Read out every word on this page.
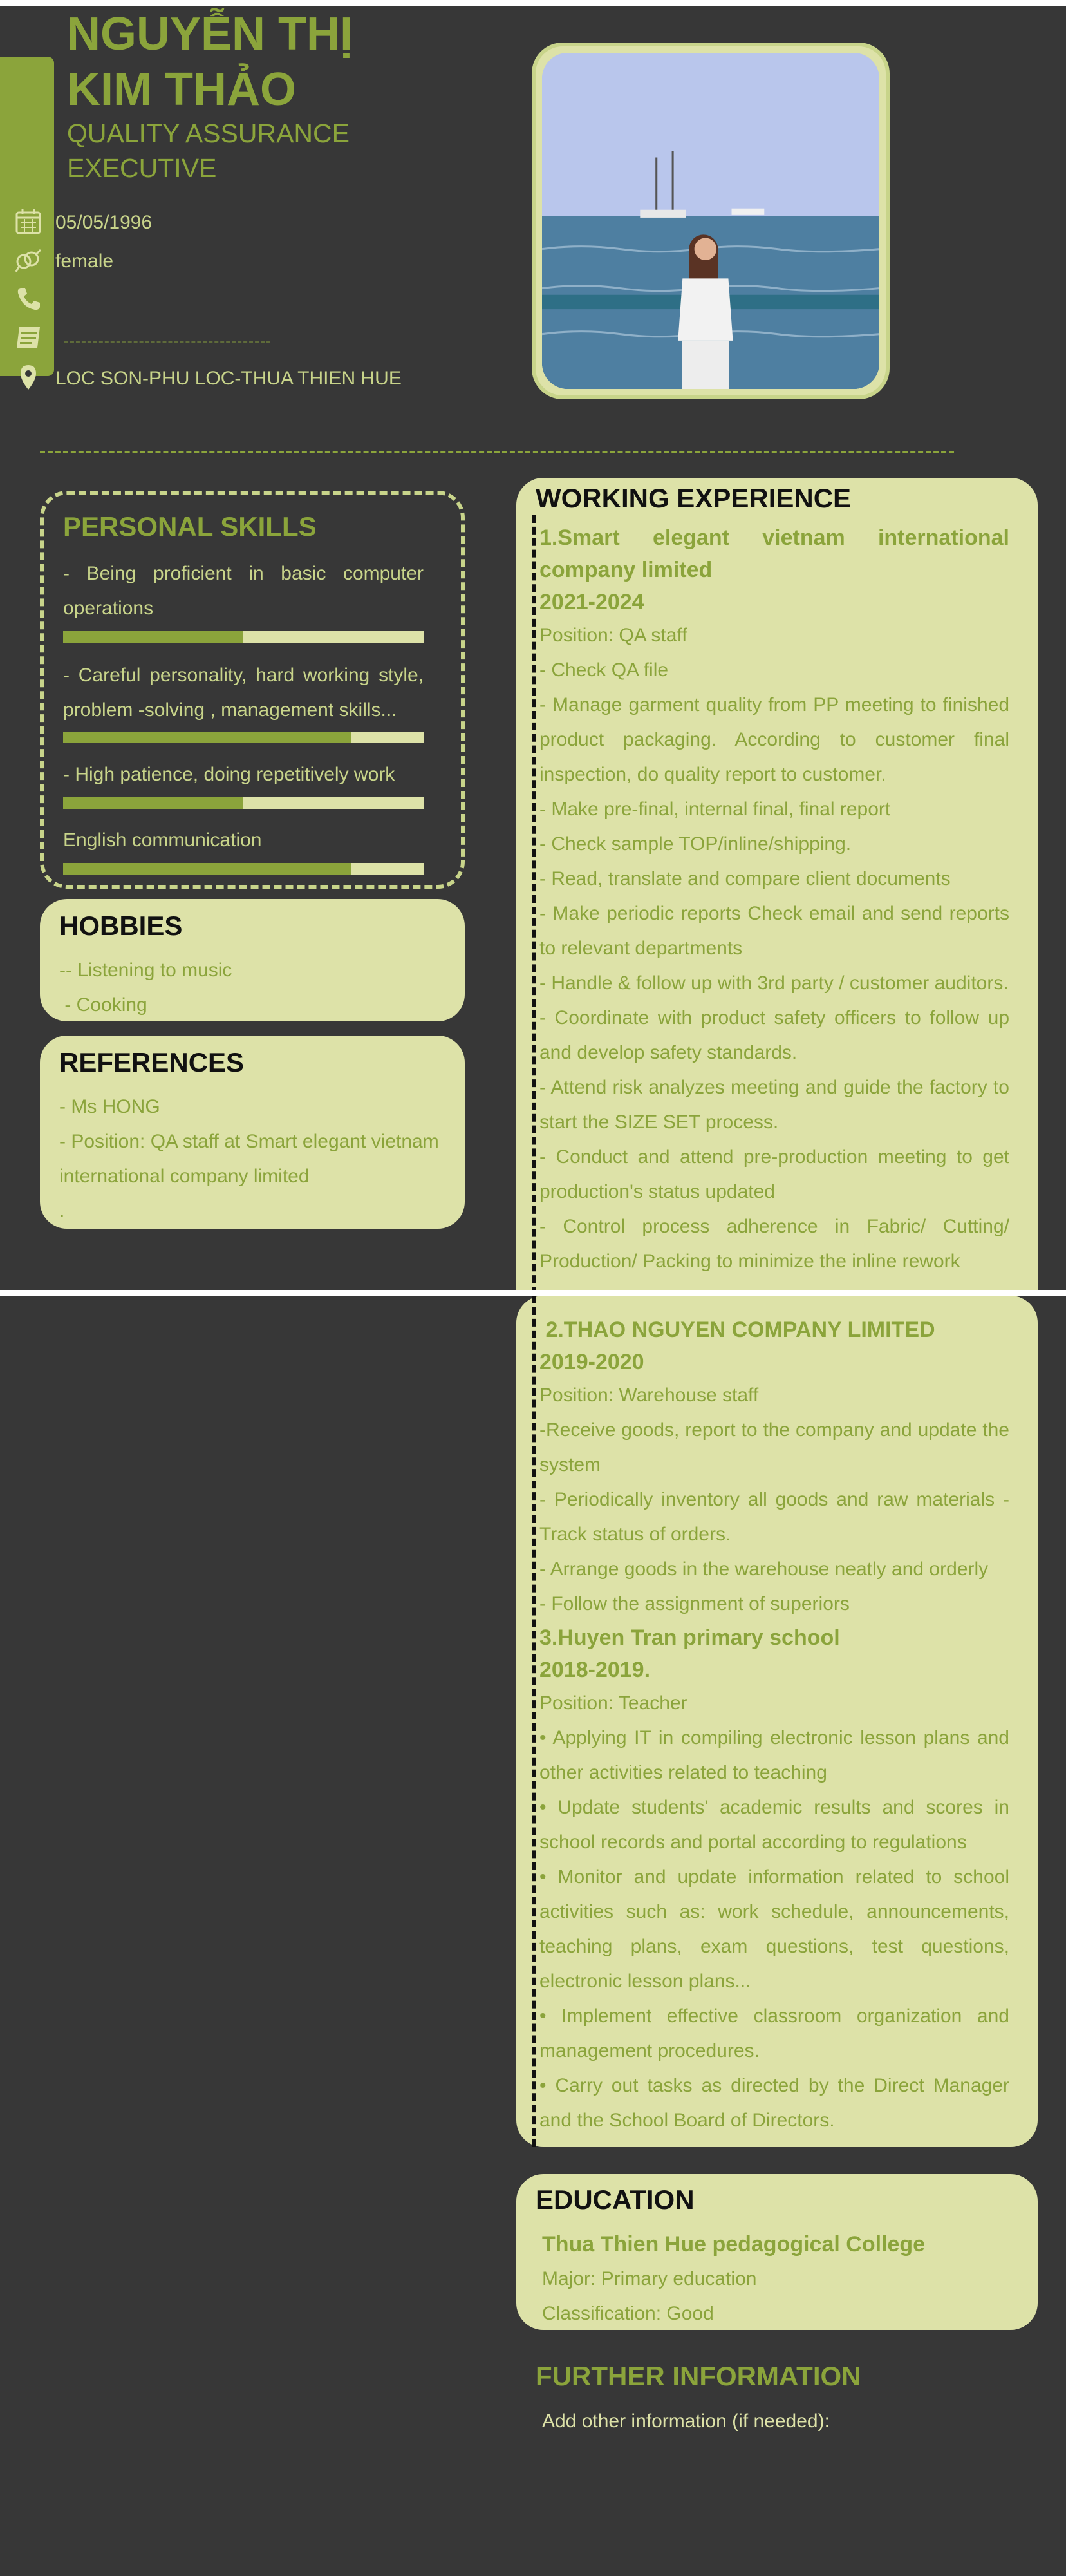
NGUYỄN THỊ
KIM THẢO
QUALITY ASSURANCE
EXECUTIVE
05/05/1996
female
LOC SON-PHU LOC-THUA THIEN HUE
PERSONAL SKILLS
- Being proficient in basic computer operations
- Careful personality, hard working style, problem -solving , management skills...
- High patience, doing repetitively work
English communication
HOBBIES
-- Listening to music
- Cooking
REFERENCES
- Ms HONG
- Position: QA staff at Smart elegant vietnam international company limited
.
WORKING EXPERIENCE
1.Smart elegant vietnam international company limited
2021-2024
Position: QA staff
- Check QA file
- Manage garment quality from PP meeting to finished product packaging. According to customer final inspection, do quality report to customer.
- Make pre-final, internal final, final report
- Check sample TOP/inline/shipping.
- Read, translate and compare client documents
- Make periodic reports Check email and send reports to relevant departments
- Handle & follow up with 3rd party / customer auditors.
- Coordinate with product safety officers to follow up and develop safety standards.
- Attend risk analyzes meeting and guide the factory to start the SIZE SET process.
- Conduct and attend pre-production meeting to get production's status updated
- Control process adherence in Fabric/ Cutting/ Production/ Packing to minimize the inline rework
2.THAO NGUYEN COMPANY LIMITED
2019-2020
Position: Warehouse staff
-Receive goods, report to the company and update the system
- Periodically inventory all goods and raw materials - Track status of orders.
- Arrange goods in the warehouse neatly and orderly
- Follow the assignment of superiors
3.Huyen Tran primary school
2018-2019.
Position: Teacher
• Applying IT in compiling electronic lesson plans and other activities related to teaching
• Update students' academic results and scores in school records and portal according to regulations
• Monitor and update information related to school activities such as: work schedule, announcements, teaching plans, exam questions, test questions, electronic lesson plans...
• Implement effective classroom organization and management procedures.
• Carry out tasks as directed by the Direct Manager and the School Board of Directors.
EDUCATION
Thua Thien Hue pedagogical College
Major: Primary education
Classification: Good
FURTHER INFORMATION
Add other information (if needed):
